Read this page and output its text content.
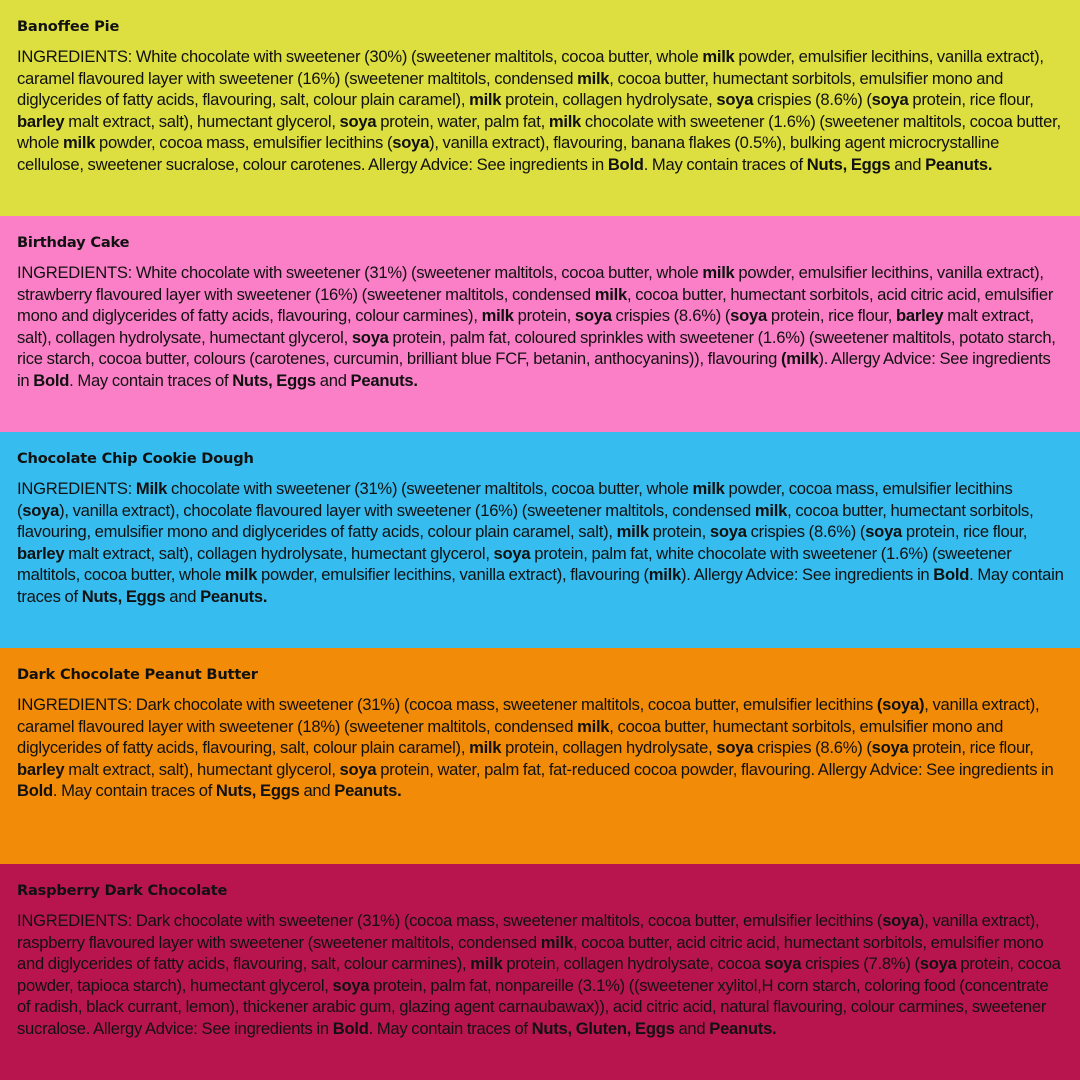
Banoffee Pie

INGREDIENTS: White chocolate with sweetener (30%) (sweetener maltitols, cocoa butter, whole milk powder, emulsifier lecithins, vanilla extract), caramel flavoured layer with sweetener (16%) (sweetener maltitols, condensed milk, cocoa butter, humectant sorbitols, emulsifier mono and diglycerides of fatty acids, flavouring, salt, colour plain caramel), milk protein, collagen hydrolysate, soya crispies (8.6%) (soya protein, rice flour, barley malt extract, salt), humectant glycerol, soya protein, water, palm fat, milk chocolate with sweetener (1.6%) (sweetener maltitols, cocoa butter, whole milk powder, cocoa mass, emulsifier lecithins (soya), vanilla extract), flavouring, banana flakes (0.5%), bulking agent microcrystalline cellulose, sweetener sucralose, colour carotenes. Allergy Advice: See ingredients in Bold. May contain traces of Nuts, Eggs and Peanuts.

Birthday Cake

INGREDIENTS: White chocolate with sweetener (31%) (sweetener maltitols, cocoa butter, whole milk powder, emulsifier lecithins, vanilla extract), strawberry flavoured layer with sweetener (16%) (sweetener maltitols, condensed milk, cocoa butter, humectant sorbitols, acid citric acid, emulsifier mono and diglycerides of fatty acids, flavouring, colour carmines), milk protein, soya crispies (8.6%) (soya protein, rice flour, barley malt extract, salt), collagen hydrolysate, humectant glycerol, soya protein, palm fat, coloured sprinkles with sweetener (1.6%) (sweetener maltitols, potato starch, rice starch, cocoa butter, colours (carotenes, curcumin, brilliant blue FCF, betanin, anthocyanins)), flavouring (milk). Allergy Advice: See ingredients in Bold. May contain traces of Nuts, Eggs and Peanuts.

Chocolate Chip Cookie Dough

INGREDIENTS: Milk chocolate with sweetener (31%) (sweetener maltitols, cocoa butter, whole milk powder, cocoa mass, emulsifier lecithins (soya), vanilla extract), chocolate flavoured layer with sweetener (16%) (sweetener maltitols, condensed milk, cocoa butter, humectant sorbitols, flavouring, emulsifier mono and diglycerides of fatty acids, colour plain caramel, salt), milk protein, soya crispies (8.6%) (soya protein, rice flour, barley malt extract, salt), collagen hydrolysate, humectant glycerol, soya protein, palm fat, white chocolate with sweetener (1.6%) (sweetener maltitols, cocoa butter, whole milk powder, emulsifier lecithins, vanilla extract), flavouring (milk). Allergy Advice: See ingredients in Bold. May contain traces of Nuts, Eggs and Peanuts.

Dark Chocolate Peanut Butter

INGREDIENTS: Dark chocolate with sweetener (31%) (cocoa mass, sweetener maltitols, cocoa butter, emulsifier lecithins (soya), vanilla extract), caramel flavoured layer with sweetener (18%) (sweetener maltitols, condensed milk, cocoa butter, humectant sorbitols, emulsifier mono and diglycerides of fatty acids, flavouring, salt, colour plain caramel), milk protein, collagen hydrolysate, soya crispies (8.6%) (soya protein, rice flour, barley malt extract, salt), humectant glycerol, soya protein, water, palm fat, fat-reduced cocoa powder, flavouring. Allergy Advice: See ingredients in Bold. May contain traces of Nuts, Eggs and Peanuts.

Raspberry Dark Chocolate

INGREDIENTS: Dark chocolate with sweetener (31%) (cocoa mass, sweetener maltitols, cocoa butter, emulsifier lecithins (soya), vanilla extract), raspberry flavoured layer with sweetener (sweetener maltitols, condensed milk, cocoa butter, acid citric acid, humectant sorbitols, emulsifier mono and diglycerides of fatty acids, flavouring, salt, colour carmines), milk protein, collagen hydrolysate, cocoa soya crispies (7.8%) (soya protein, cocoa powder, tapioca starch), humectant glycerol, soya protein, palm fat, nonpareille (3.1%) ((sweetener xylitol,H corn starch, coloring food (concentrate of radish, black currant, lemon), thickener arabic gum, glazing agent carnaubawax)), acid citric acid, natural flavouring, colour carmines, sweetener sucralose. Allergy Advice: See ingredients in Bold. May contain traces of Nuts, Gluten, Eggs and Peanuts.
